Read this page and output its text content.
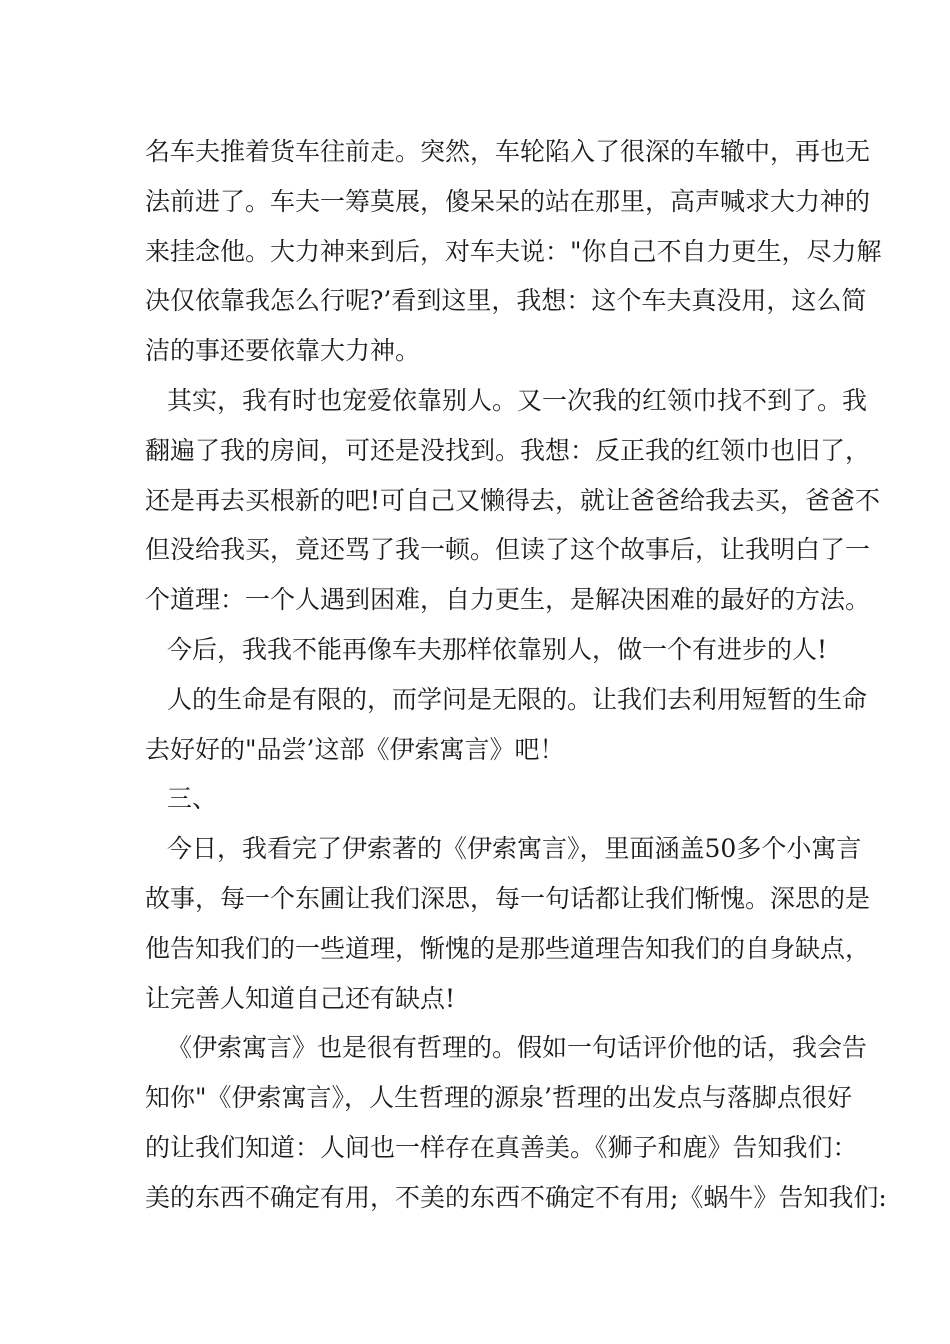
名车夫推着货车往前走。突然，车轮陷入了很深的车辙中，再也无
法前进了。车夫一筹莫展，傻呆呆的站在那里，高声喊求大力神的
来挂念他。大力神来到后，对车夫说："你自己不自力更生，尽力解
决仅依靠我怎么行呢?’看到这里，我想：这个车夫真没用，这么简
洁的事还要依靠大力神。
其实，我有时也宠爱依靠别人。又一次我的红领巾找不到了。我
翻遍了我的房间，可还是没找到。我想：反正我的红领巾也旧了，
还是再去买根新的吧!可自己又懒得去，就让爸爸给我去买，爸爸不
但没给我买，竟还骂了我一顿。但读了这个故事后，让我明白了一
个道理：一个人遇到困难，自力更生，是解决困难的最好的方法。
今后，我我不能再像车夫那样依靠别人，做一个有进步的人!
人的生命是有限的，而学问是无限的。让我们去利用短暂的生命
去好好的"品尝’这部《伊索寓言》吧！
三、
今日，我看完了伊索著的《伊索寓言》，里面涵盖50多个小寓言
故事，每一个东圃让我们深思，每一句话都让我们惭愧。深思的是
他告知我们的一些道理，惭愧的是那些道理告知我们的自身缺点，
让完善人知道自己还有缺点!
《伊索寓言》也是很有哲理的。假如一句话评价他的话，我会告
知你"《伊索寓言》，人生哲理的源泉’哲理的出发点与落脚点很好
的让我们知道：人间也一样存在真善美。《狮子和鹿》告知我们：
美的东西不确定有用，不美的东西不确定不有用;《蜗牛》告知我们:
